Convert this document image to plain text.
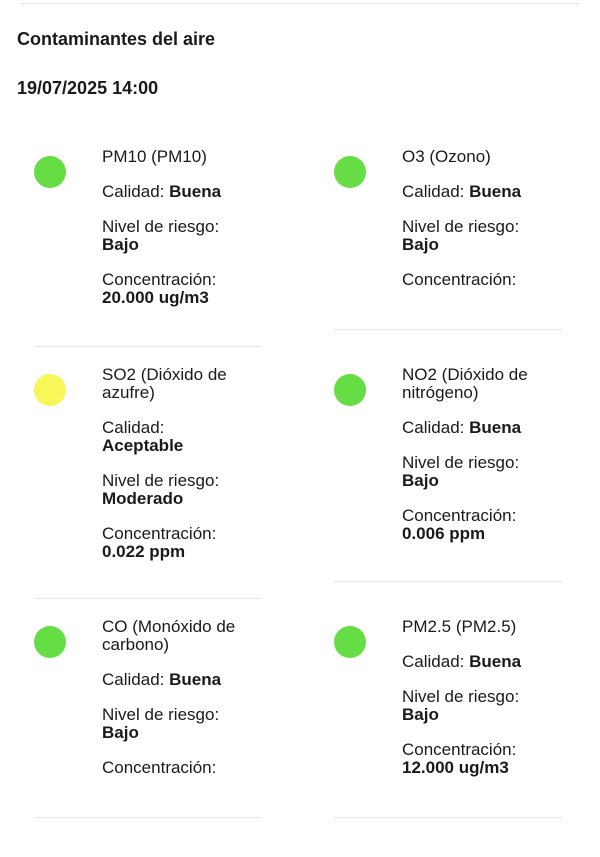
Contaminantes del aire
19/07/2025 14:00
PM10 (PM10)
Calidad: Buena
Nivel de riesgo:
Bajo
Concentración:
20.000 ug/m3
O3 (Ozono)
Calidad: Buena
Nivel de riesgo:
Bajo
Concentración:
SO2 (Dióxido de azufre)
Calidad:
Aceptable
Nivel de riesgo:
Moderado
Concentración:
0.022 ppm
NO2 (Dióxido de nitrógeno)
Calidad: Buena
Nivel de riesgo:
Bajo
Concentración:
0.006 ppm
CO (Monóxido de carbono)
Calidad: Buena
Nivel de riesgo:
Bajo
Concentración:
PM2.5 (PM2.5)
Calidad: Buena
Nivel de riesgo:
Bajo
Concentración:
12.000 ug/m3
